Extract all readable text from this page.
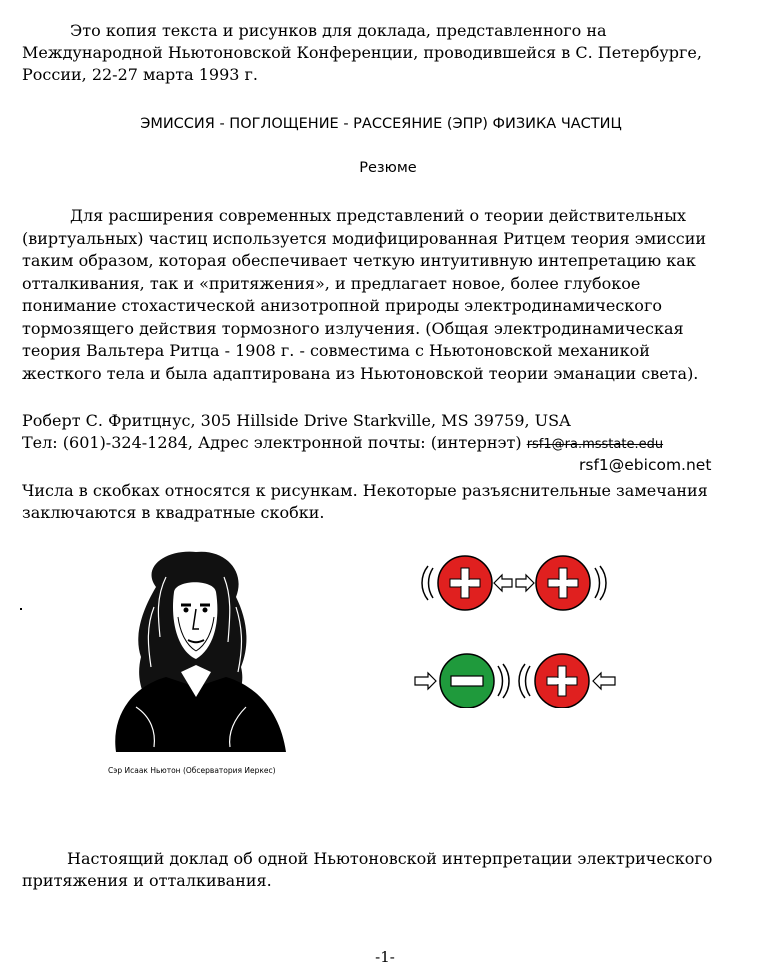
Это копия текста и рисунков для доклада, представленного на
Международной Ньютоновской Конференции, проводившейся в С. Петербурге,
России, 22-27 марта 1993 г.
ЭМИССИЯ - ПОГЛОЩЕНИЕ - РАССЕЯНИЕ (ЭПР) ФИЗИКА ЧАСТИЦ
Резюме
Для расширения современных представлений о теории действительных
(виртуальных) частиц используется модифицированная Ритцем теория эмисcии
таким образом, которая обеспечивает четкую интуитивную интепретацию как
отталкивания, так и «притяжения», и предлагает новое, более глубокое
понимание стохастической анизотропной природы электродинамического
тормозящего действия тормозного излучения. (Общая электродинамическая
теория Вальтера Ритца - 1908 г. - совместима с Ньютоновской механикой
жесткого тела и была адаптирована из Ньютоновской теории эманации света).
Роберт С. Фритцнус, 305 Hillside Drive Starkville, MS 39759, USA
Тел: (601)-324-1284, Адрес электронной почты: (интернэт) rsf1@ra.msstate.edu
rsf1@ebicom.net
Числа в скобках относятся к рисункам. Некоторые разъяснительные замечания
заключаются в квадратные скобки.
Сэр Исаак Ньютон (Обсерватория Иеркес)
Настоящий доклад об одной Ньютоновской интерпретации электрического
притяжения и отталкивания.
-1-
